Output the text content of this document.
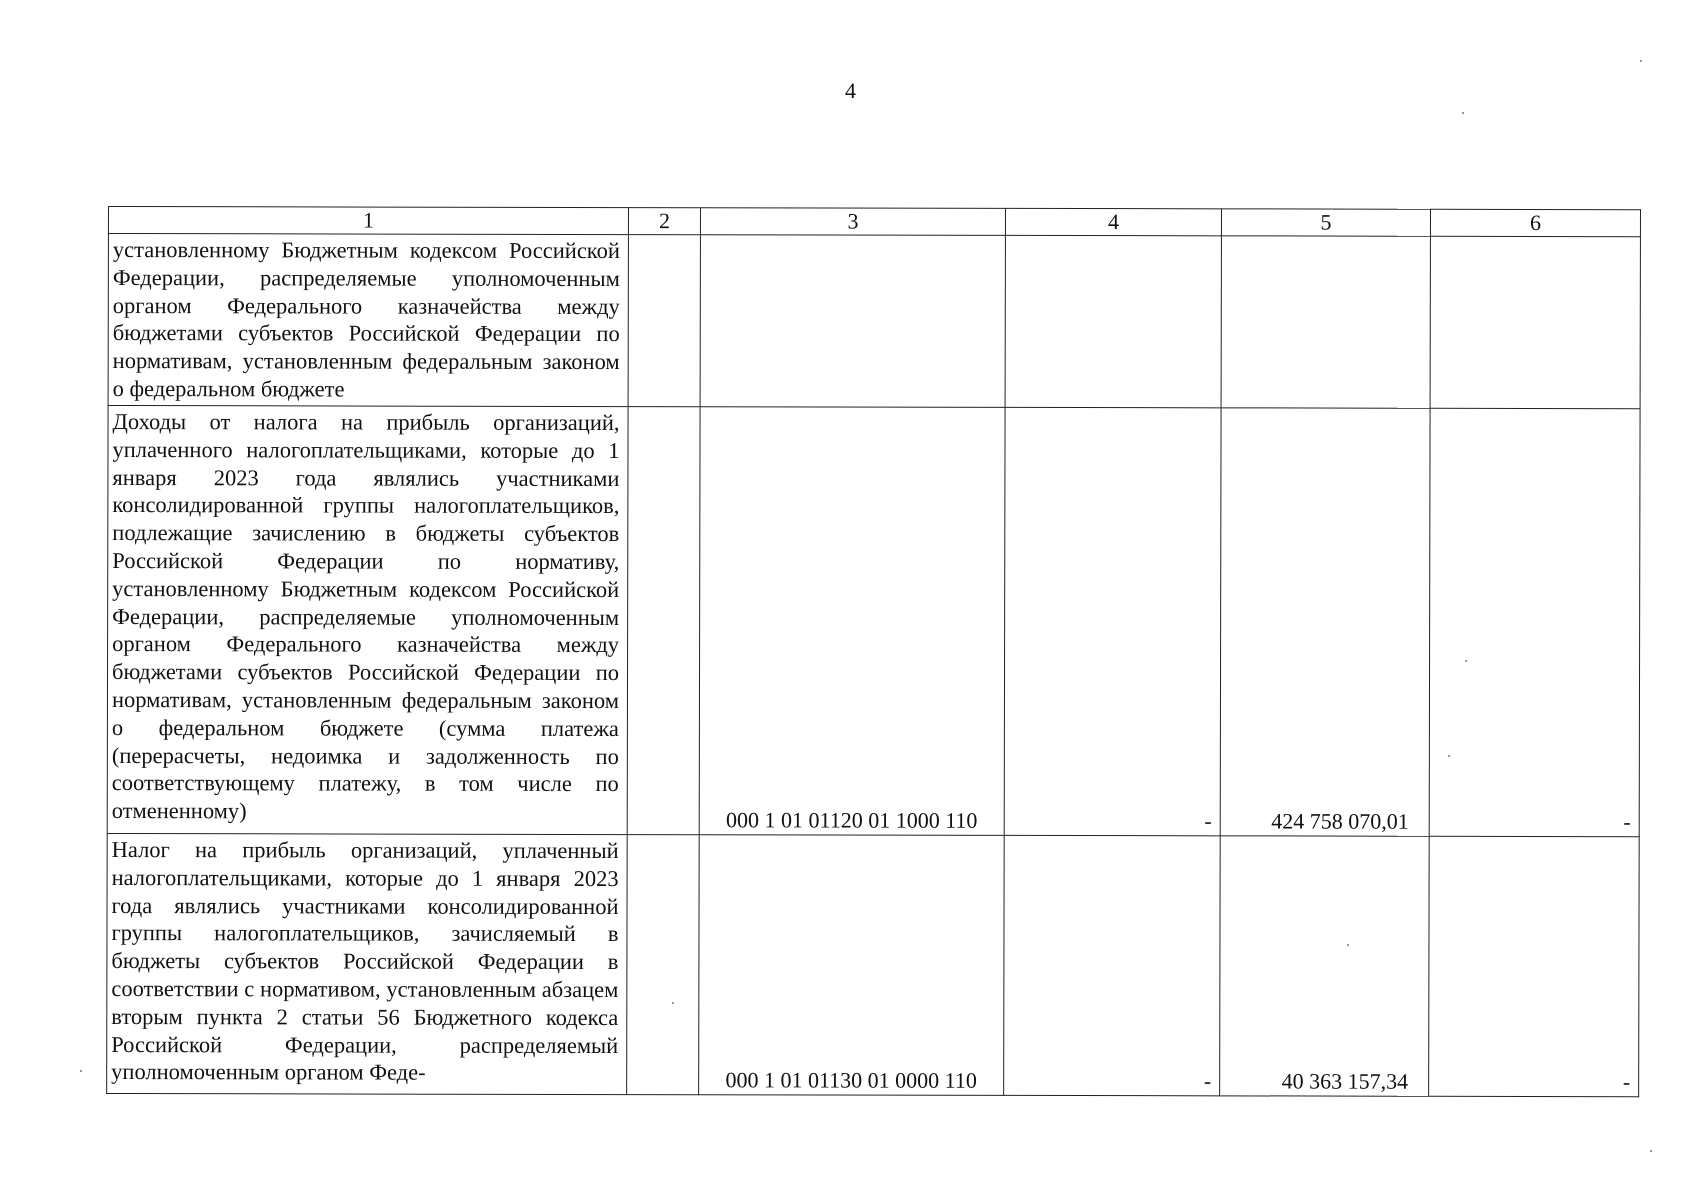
4
1	2	3	4	5	6
установленному Бюджетным кодексом Российской Федерации, распределяемые уполномоченным органом Федерального казначейства между бюджетами субъектов Российской Федерации по нормативам, установленным федеральным законом о федеральном бюджете					
Доходы от налога на прибыль организаций, уплаченного налогоплательщиками, которые до 1 января 2023 года являлись участниками консолидированной группы налогоплательщиков, подлежащие зачислению в бюджеты субъектов Российской Федерации по нормативу, установленному Бюджетным кодексом Российской Федерации, распределяемые уполномоченным органом Федерального казначейства между бюджетами субъектов Российской Федерации по нормативам, установленным федеральным законом о федеральном бюджете (сумма платежа (перерасчеты, недоимка и задолженность по соответствующему платежу, в том числе по отмененному)		000 1 01 01120 01 1000 110	-	424 758 070,01	-
Налог на прибыль организаций, уплаченный налогоплательщиками, которые до 1 января 2023 года являлись участниками консолидированной группы налогоплательщиков, зачисляемый в бюджеты субъектов Российской Федерации в соответствии с нормативом, установленным абзацем вторым пункта 2 статьи 56 Бюджетного кодекса Российской Федерации, распределяемый уполномоченным органом Феде-		000 1 01 01130 01 0000 110	-	40 363 157,34	-
